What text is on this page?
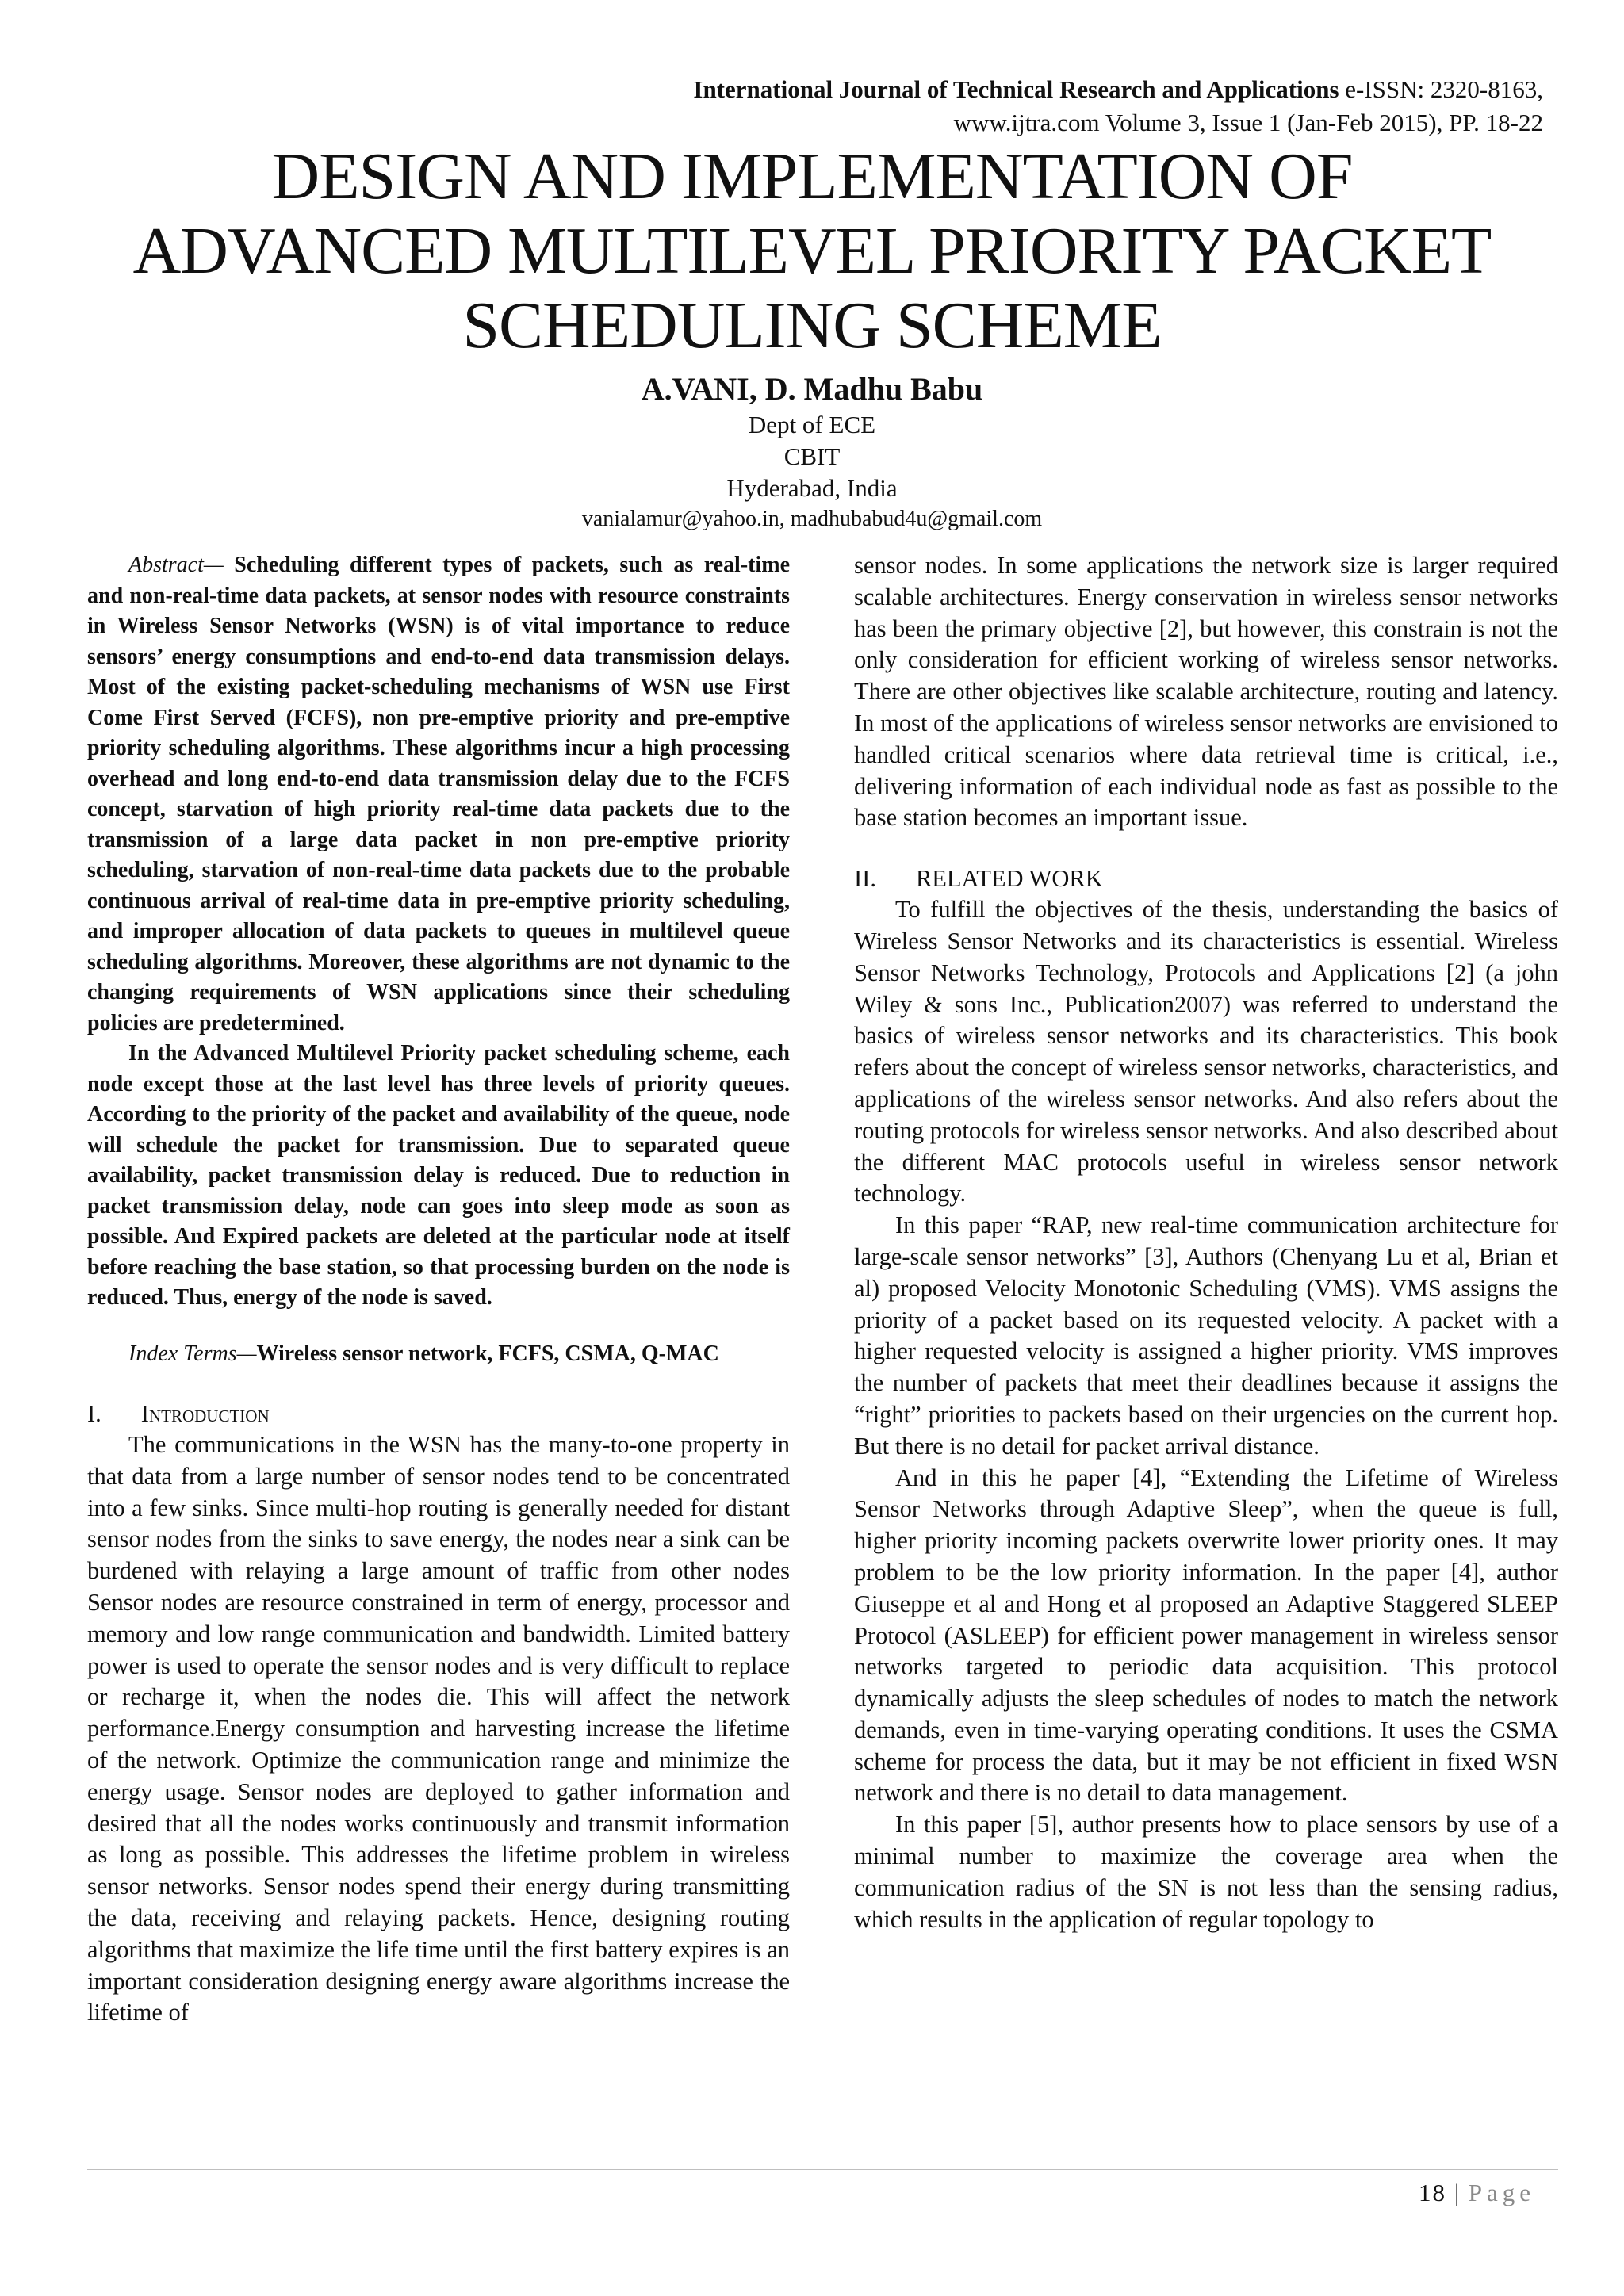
International Journal of Technical Research and Applications e-ISSN: 2320-8163,
www.ijtra.com Volume 3, Issue 1 (Jan-Feb 2015), PP. 18-22
DESIGN AND IMPLEMENTATION OF
ADVANCED MULTILEVEL PRIORITY PACKET
SCHEDULING SCHEME
A.VANI, D. Madhu Babu
Dept of ECE
CBIT
Hyderabad, India
vanialamur@yahoo.in, madhubabud4u@gmail.com

Abstract— Scheduling different types of packets, such as real-time and non-real-time data packets, at sensor nodes with resource constraints in Wireless Sensor Networks (WSN) is of vital importance to reduce sensors’ energy consumptions and end-to-end data transmission delays. Most of the existing packet-scheduling mechanisms of WSN use First Come First Served (FCFS), non pre-emptive priority and pre-emptive priority scheduling algorithms. These algorithms incur a high processing overhead and long end-to-end data transmission delay due to the FCFS concept, starvation of high priority real-time data packets due to the transmission of a large data packet in non pre-emptive priority scheduling, starvation of non-real-time data packets due to the probable continuous arrival of real-time data in pre-emptive priority scheduling, and improper allocation of data packets to queues in multilevel queue scheduling algorithms. Moreover, these algorithms are not dynamic to the changing requirements of WSN applications since their scheduling policies are predetermined.

In the Advanced Multilevel Priority packet scheduling scheme, each node except those at the last level has three levels of priority queues. According to the priority of the packet and availability of the queue, node will schedule the packet for transmission. Due to separated queue availability, packet transmission delay is reduced. Due to reduction in packet transmission delay, node can goes into sleep mode as soon as possible. And Expired packets are deleted at the particular node at itself before reaching the base station, so that processing burden on the node is reduced. Thus, energy of the node is saved.

Index Terms—Wireless sensor network, FCFS, CSMA, Q-MAC

I. Introduction

The communications in the WSN has the many-to-one property in that data from a large number of sensor nodes tend to be concentrated into a few sinks. Since multi-hop routing is generally needed for distant sensor nodes from the sinks to save energy, the nodes near a sink can be burdened with relaying a large amount of traffic from other nodes Sensor nodes are resource constrained in term of energy, processor and memory and low range communication and bandwidth. Limited battery power is used to operate the sensor nodes and is very difficult to replace or recharge it, when the nodes die. This will affect the network performance.Energy consumption and harvesting increase the lifetime of the network. Optimize the communication range and minimize the energy usage. Sensor nodes are deployed to gather information and desired that all the nodes works continuously and transmit information as long as possible. This addresses the lifetime problem in wireless sensor networks. Sensor nodes spend their energy during transmitting the data, receiving and relaying packets. Hence, designing routing algorithms that maximize the life time until the first battery expires is an important consideration designing energy aware algorithms increase the lifetime of

sensor nodes. In some applications the network size is larger required scalable architectures. Energy conservation in wireless sensor networks has been the primary objective [2], but however, this constrain is not the only consideration for efficient working of wireless sensor networks. There are other objectives like scalable architecture, routing and latency. In most of the applications of wireless sensor networks are envisioned to handled critical scenarios where data retrieval time is critical, i.e., delivering information of each individual node as fast as possible to the base station becomes an important issue.

II. RELATED WORK

To fulfill the objectives of the thesis, understanding the basics of Wireless Sensor Networks and its characteristics is essential. Wireless Sensor Networks Technology, Protocols and Applications [2] (a john Wiley & sons Inc., Publication2007) was referred to understand the basics of wireless sensor networks and its characteristics. This book refers about the concept of wireless sensor networks, characteristics, and applications of the wireless sensor networks. And also refers about the routing protocols for wireless sensor networks. And also described about the different MAC protocols useful in wireless sensor network technology.

In this paper “RAP, new real-time communication architecture for large-scale sensor networks” [3], Authors (Chenyang Lu et al, Brian et al) proposed Velocity Monotonic Scheduling (VMS). VMS assigns the priority of a packet based on its requested velocity. A packet with a higher requested velocity is assigned a higher priority. VMS improves the number of packets that meet their deadlines because it assigns the “right” priorities to packets based on their urgencies on the current hop. But there is no detail for packet arrival distance.

And in this he paper [4], “Extending the Lifetime of Wireless Sensor Networks through Adaptive Sleep”, when the queue is full, higher priority incoming packets overwrite lower priority ones. It may problem to be the low priority information. In the paper [4], author Giuseppe et al and Hong et al proposed an Adaptive Staggered SLEEP Protocol (ASLEEP) for efficient power management in wireless sensor networks targeted to periodic data acquisition. This protocol dynamically adjusts the sleep schedules of nodes to match the network demands, even in time-varying operating conditions. It uses the CSMA scheme for process the data, but it may be not efficient in fixed WSN network and there is no detail to data management.

In this paper [5], author presents how to place sensors by use of a minimal number to maximize the coverage area when the communication radius of the SN is not less than the sensing radius, which results in the application of regular topology to

18 | Page
